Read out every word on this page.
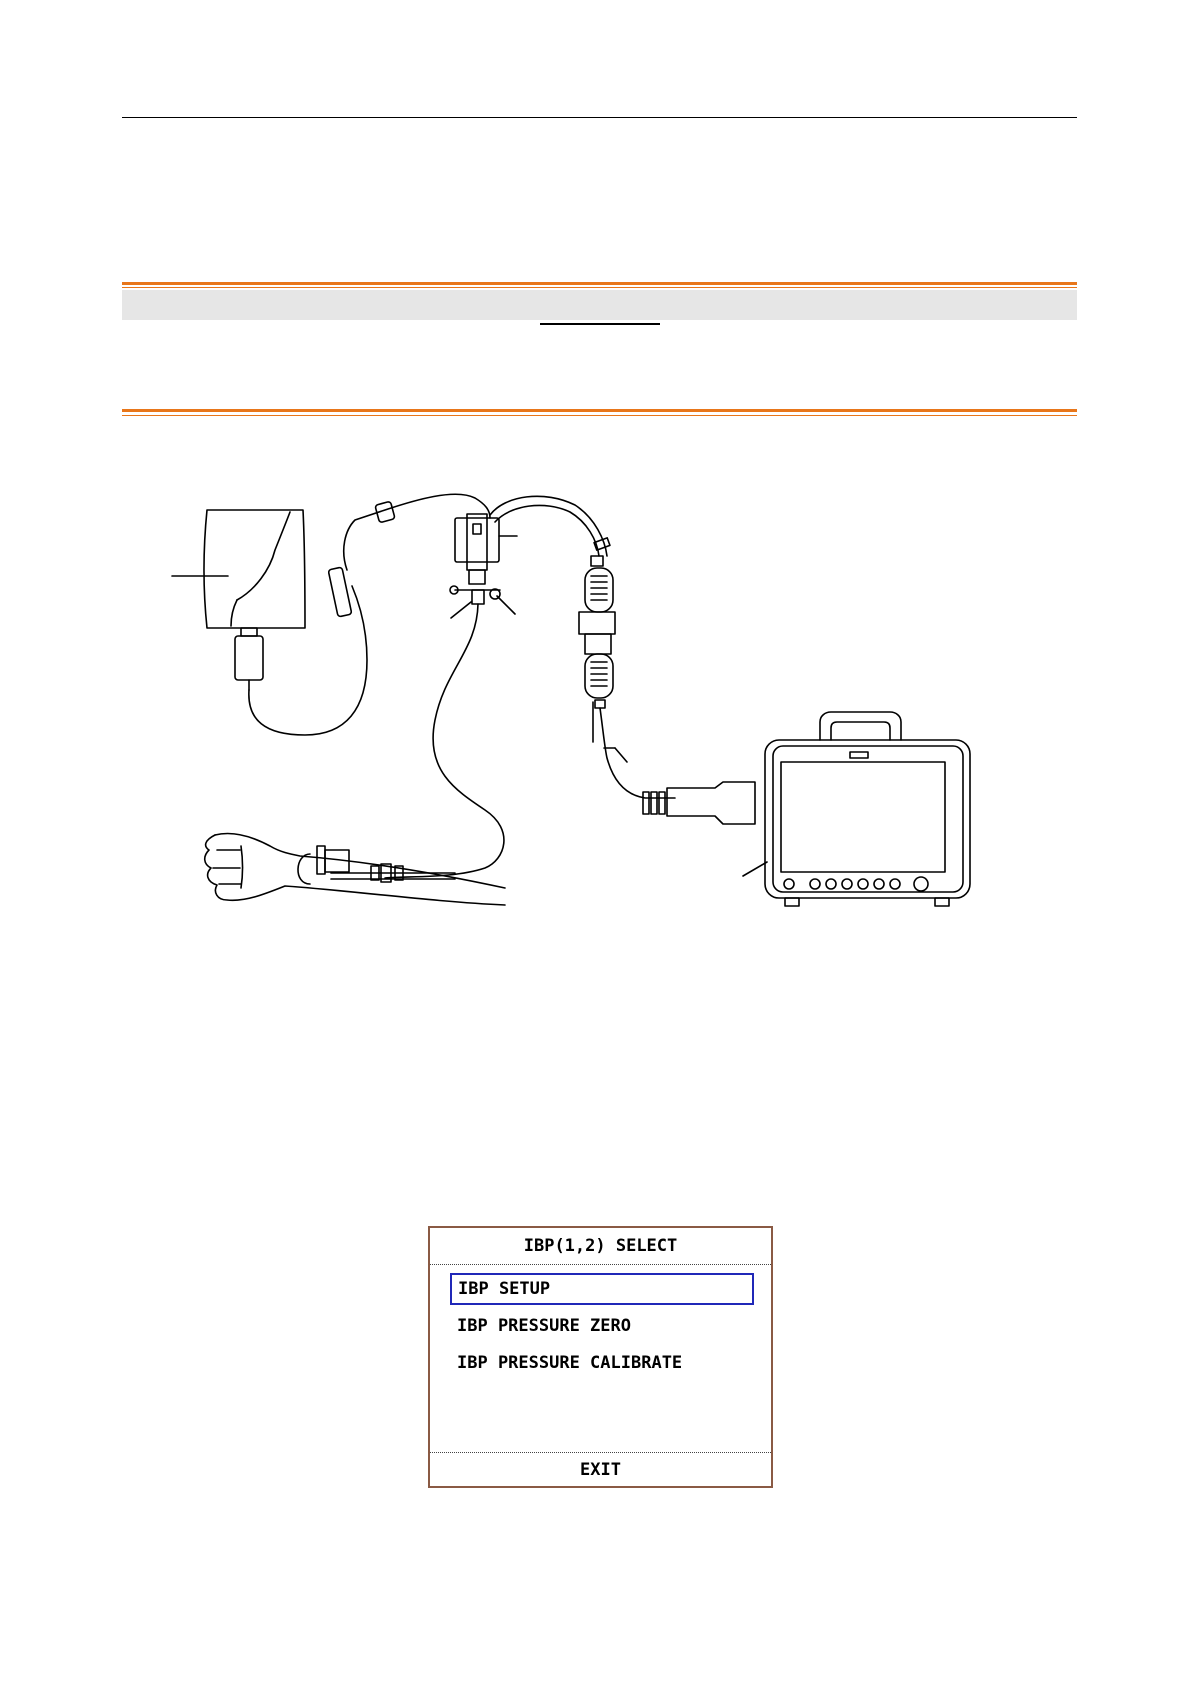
IBP(1,2) SELECT
IBP SETUP
IBP PRESSURE ZERO
IBP PRESSURE CALIBRATE
EXIT
